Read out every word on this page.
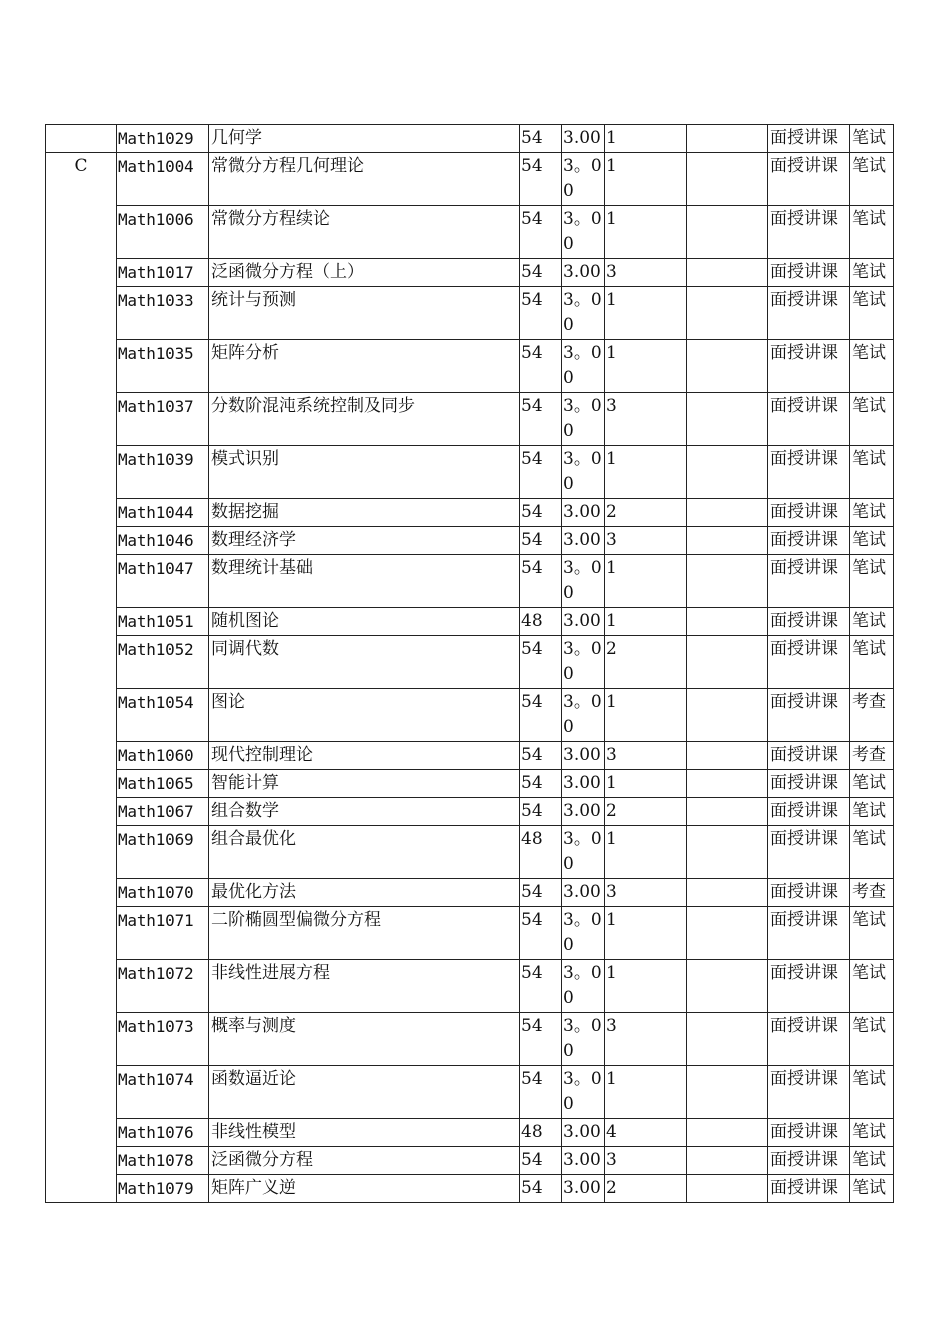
	Math1029	几何学	54	3.00	1		面授讲课	笔试	
C	Math1004	常微分方程几何理论	54	3。00	1		面授讲课	笔试	
	Math1006	常微分方程续论	54	3。00	1		面授讲课	笔试	
	Math1017	泛函微分方程（上）	54	3.00	3		面授讲课	笔试	
	Math1033	统计与预测	54	3。00	1		面授讲课	笔试	
	Math1035	矩阵分析	54	3。00	1		面授讲课	笔试	
	Math1037	分数阶混沌系统控制及同步	54	3。00	3		面授讲课	笔试	
	Math1039	模式识别	54	3。00	1		面授讲课	笔试	
	Math1044	数据挖掘	54	3.00	2		面授讲课	笔试	
	Math1046	数理经济学	54	3.00	3		面授讲课	笔试	
	Math1047	数理统计基础	54	3。00	1		面授讲课	笔试	
	Math1051	随机图论	48	3.00	1		面授讲课	笔试	
	Math1052	同调代数	54	3。00	2		面授讲课	笔试	
	Math1054	图论	54	3。00	1		面授讲课	考查	
	Math1060	现代控制理论	54	3.00	3		面授讲课	考查	
	Math1065	智能计算	54	3.00	1		面授讲课	笔试	
	Math1067	组合数学	54	3.00	2		面授讲课	笔试	
	Math1069	组合最优化	48	3。00	1		面授讲课	笔试	
	Math1070	最优化方法	54	3.00	3		面授讲课	考查	
	Math1071	二阶椭圆型偏微分方程	54	3。00	1		面授讲课	笔试	
	Math1072	非线性进展方程	54	3。00	1		面授讲课	笔试	
	Math1073	概率与测度	54	3。00	3		面授讲课	笔试	
	Math1074	函数逼近论	54	3。00	1		面授讲课	笔试	
	Math1076	非线性模型	48	3.00	4		面授讲课	笔试	
	Math1078	泛函微分方程	54	3.00	3		面授讲课	笔试	
	Math1079	矩阵广义逆	54	3.00	2		面授讲课	笔试	
